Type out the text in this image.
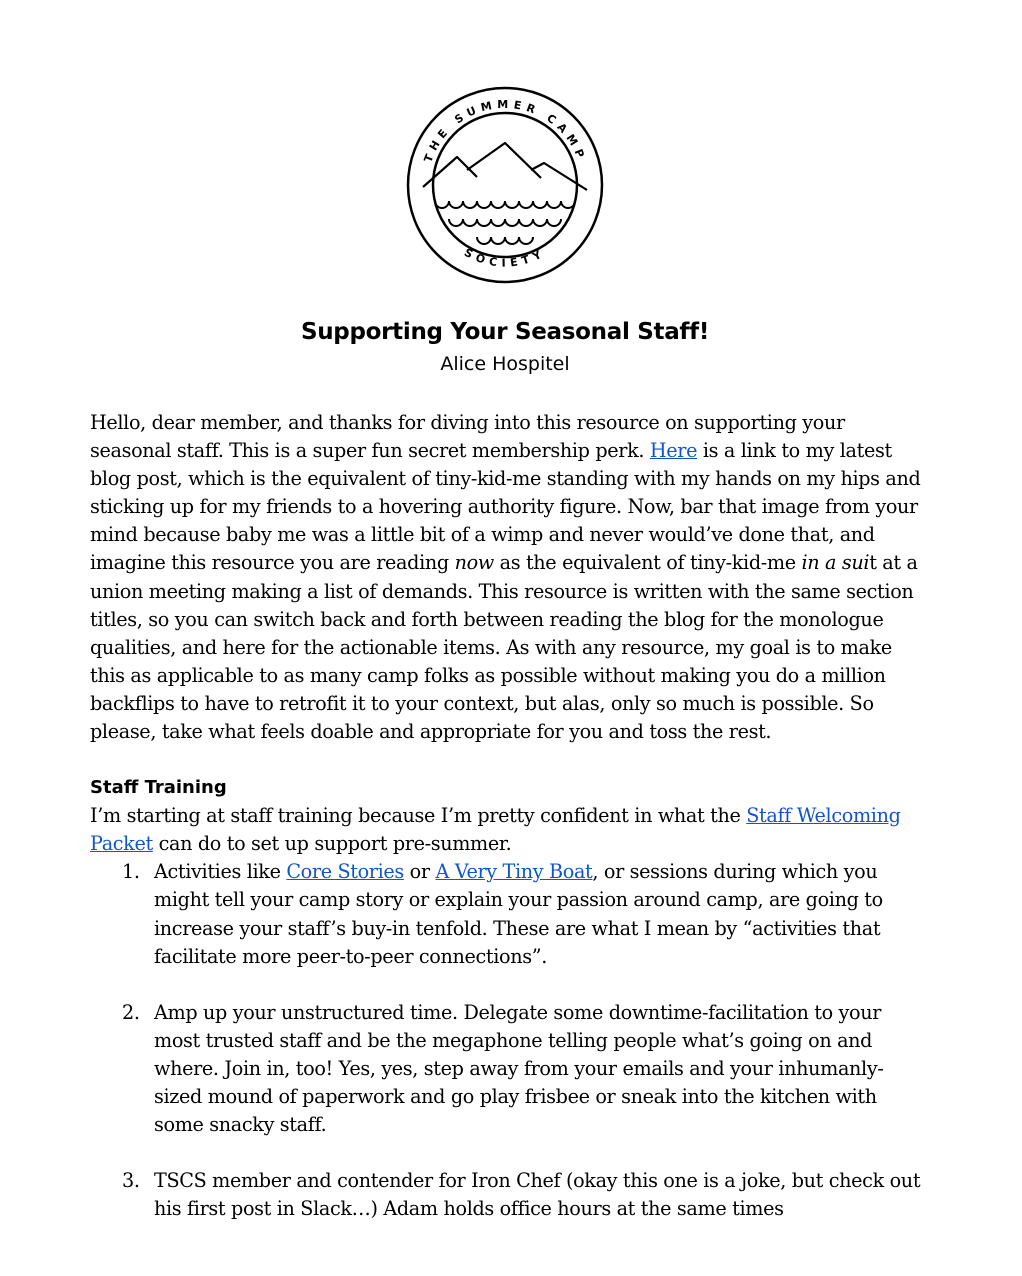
THE SUMMER CAMP
SOCIETY
Supporting Your Seasonal Staff!
Alice Hospitel

Hello, dear member, and thanks for diving into this resource on supporting your seasonal staff. This is a super fun secret membership perk. Here is a link to my latest blog post, which is the equivalent of tiny-kid-me standing with my hands on my hips and sticking up for my friends to a hovering authority figure. Now, bar that image from your mind because baby me was a little bit of a wimp and never would’ve done that, and imagine this resource you are reading now as the equivalent of tiny-kid-me in a suit at a union meeting making a list of demands. This resource is written with the same section titles, so you can switch back and forth between reading the blog for the monologue qualities, and here for the actionable items. As with any resource, my goal is to make this as applicable to as many camp folks as possible without making you do a million backflips to have to retrofit it to your context, but alas, only so much is possible. So please, take what feels doable and appropriate for you and toss the rest.

Staff Training

I’m starting at staff training because I’m pretty confident in what the Staff Welcoming Packet can do to set up support pre-summer.

1. Activities like Core Stories or A Very Tiny Boat, or sessions during which you might tell your camp story or explain your passion around camp, are going to increase your staff’s buy-in tenfold. These are what I mean by “activities that facilitate more peer-to-peer connections”.
2. Amp up your unstructured time. Delegate some downtime-facilitation to your most trusted staff and be the megaphone telling people what’s going on and where. Join in, too! Yes, yes, step away from your emails and your inhumanly-sized mound of paperwork and go play frisbee or sneak into the kitchen with some snacky staff.
3. TSCS member and contender for Iron Chef (okay this one is a joke, but check out his first post in Slack…) Adam holds office hours at the same times
